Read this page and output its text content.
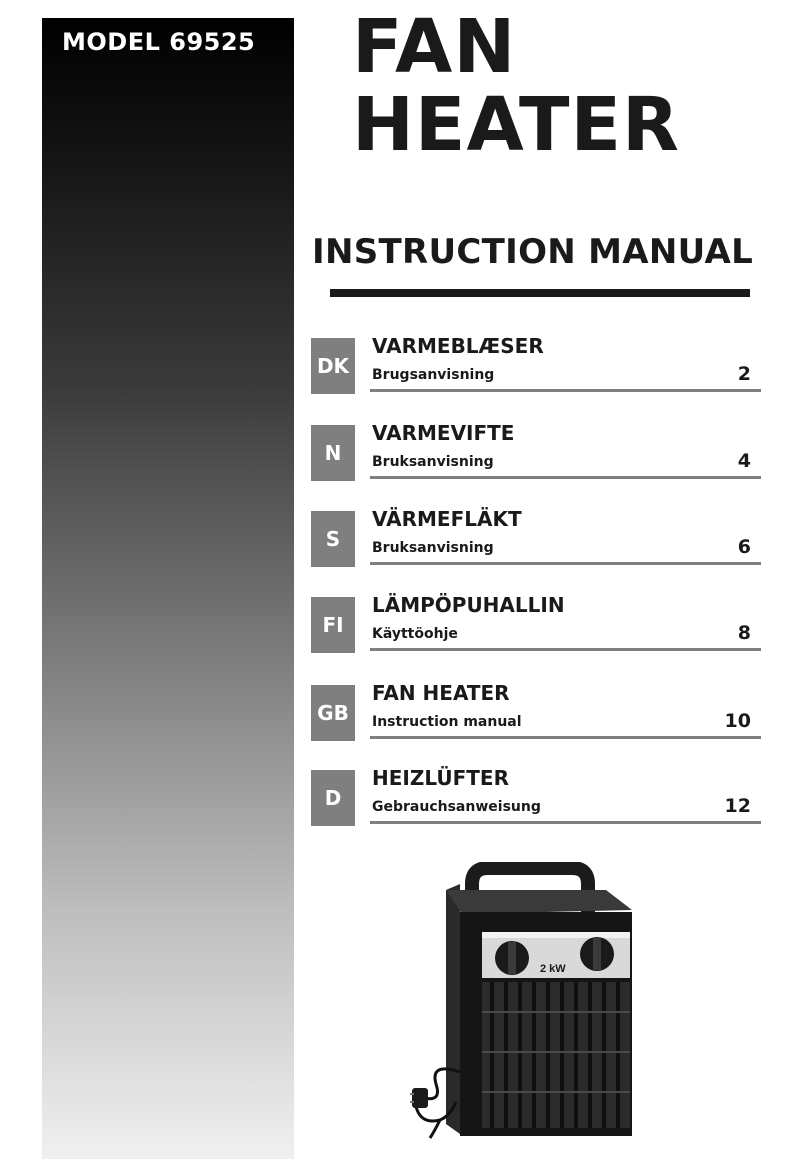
MODEL 69525 FAN
HEATER
INSTRUCTION MANUAL
DK
VARMEBLÆSER
Brugsanvisning	2
N
VARMEVIFTE
Bruksanvisning	4
S
VÄRMEFLÄKT
Bruksanvisning	6
FI
LÄMPÖPUHALLIN
Käyttöohje	8
GB
FAN HEATER
Instruction manual	10
D
HEIZLÜFTER
Gebrauchsanweisung	12
2 kW
